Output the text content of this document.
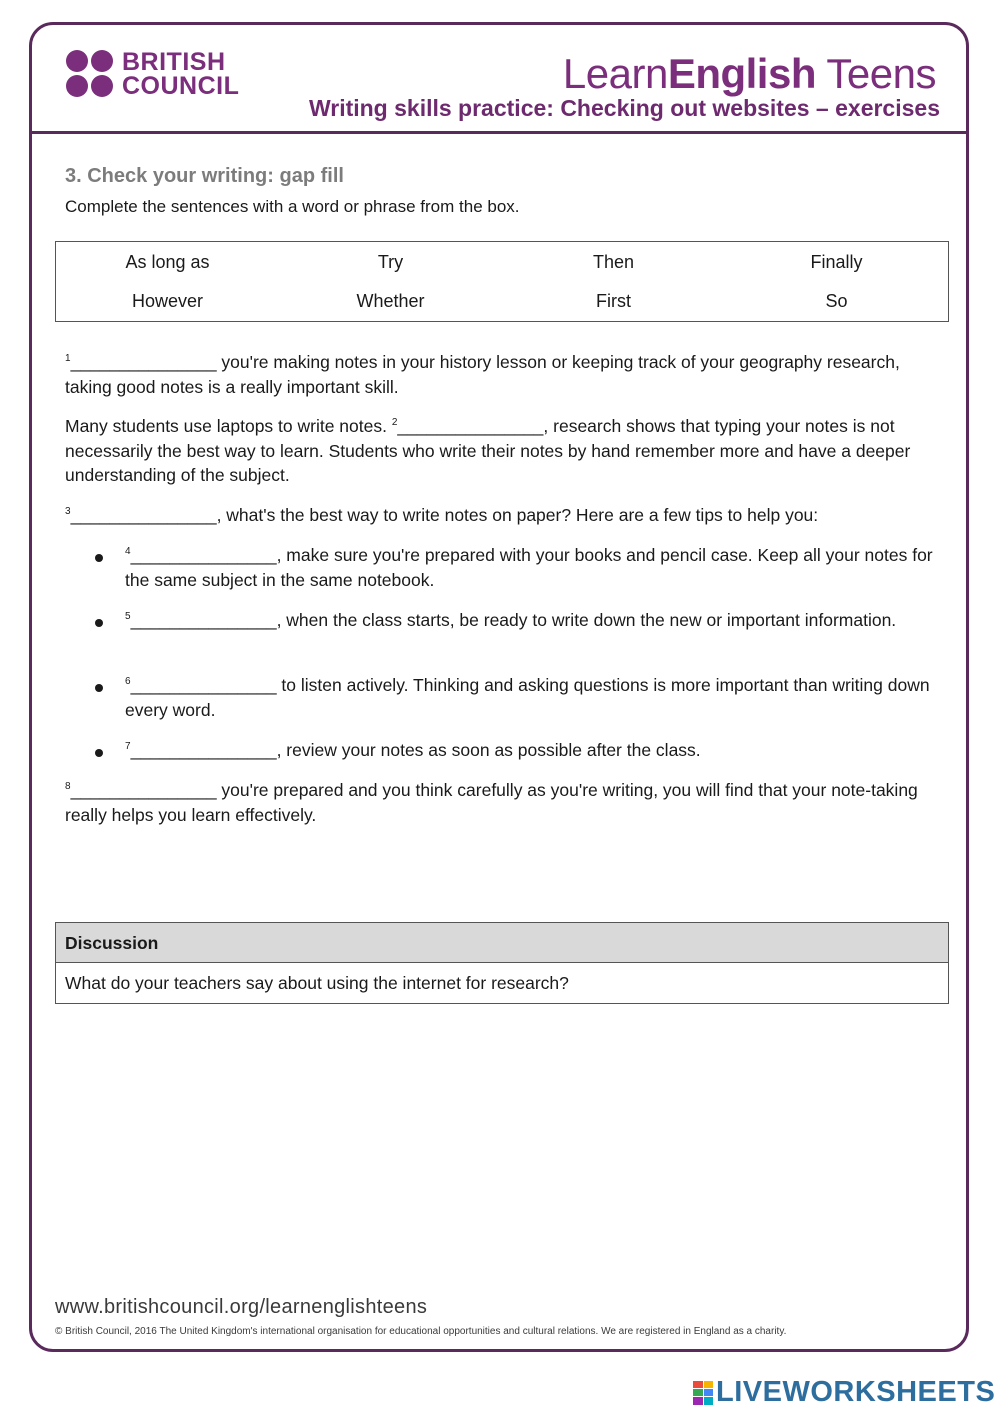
BRITISH
COUNCIL	LearnEnglish Teens
Writing skills practice: Checking out websites – exercises
3. Check your writing: gap fill
Complete the sentences with a word or phrase from the box.
As long as	Try	Then	Finally
However	Whether	First	So
$^1$_______________ you're making notes in your history lesson or keeping track of your geography research, taking good notes is a really important skill.
Many students use laptops to write notes. $^2$_______________, research shows that typing your notes is not necessarily the best way to learn. Students who write their notes by hand remember more and have a deeper understanding of the subject.
$^3$_______________, what's the best way to write notes on paper? Here are a few tips to help you:
$^4$_______________, make sure you're prepared with your books and pencil case. Keep all your notes for the same subject in the same notebook.
$^5$_______________, when the class starts, be ready to write down the new or important information.
$^6$_______________ to listen actively. Thinking and asking questions is more important than writing down every word.
$^7$_______________, review your notes as soon as possible after the class.
$^8$_______________ you're prepared and you think carefully as you're writing, you will find that your note-taking really helps you learn effectively.
Discussion
What do your teachers say about using the internet for research?
www.britishcouncil.org/learnenglishteens
© British Council, 2016 The United Kingdom's international organisation for educational opportunities and cultural relations. We are registered in England as a charity.
LIVEWORKSHEETS
